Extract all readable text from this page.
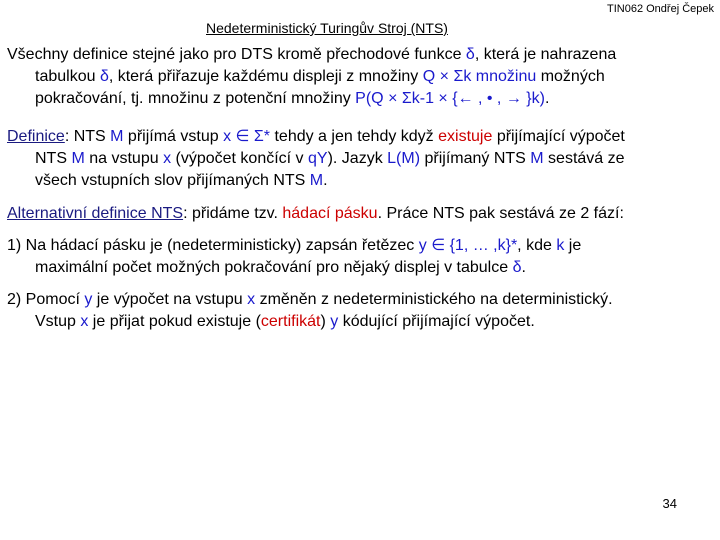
TIN062 Ondřej Čepek
Nedeterministický Turingův Stroj (NTS)
Všechny definice stejné jako pro DTS kromě přechodové funkce δ, která je nahrazena
tabulkou δ, která přiřazuje každému displeji z množiny Q × Σk množinu možných
pokračování, tj. množinu z potenční množiny P(Q × Σk-1 × {← , • , → }k).
Definice: NTS M přijímá vstup x ∈ Σ* tehdy a jen tehdy když existuje přijímající výpočet
NTS M na vstupu x (výpočet končící v qY). Jazyk L(M) přijímaný NTS M sestává ze
všech vstupních slov přijímaných NTS M.
Alternativní definice NTS: přidáme tzv. hádací pásku. Práce NTS pak sestává ze 2 fází:
1) Na hádací pásku je (nedeterministicky) zapsán řetězec y ∈ {1, … ,k}*, kde k je
maximální počet možných pokračování pro nějaký displej v tabulce δ.
2) Pomocí y je výpočet na vstupu x změněn z nedeterministického na deterministický.
Vstup x je přijat pokud existuje (certifikát) y kódující přijímající výpočet.
34
